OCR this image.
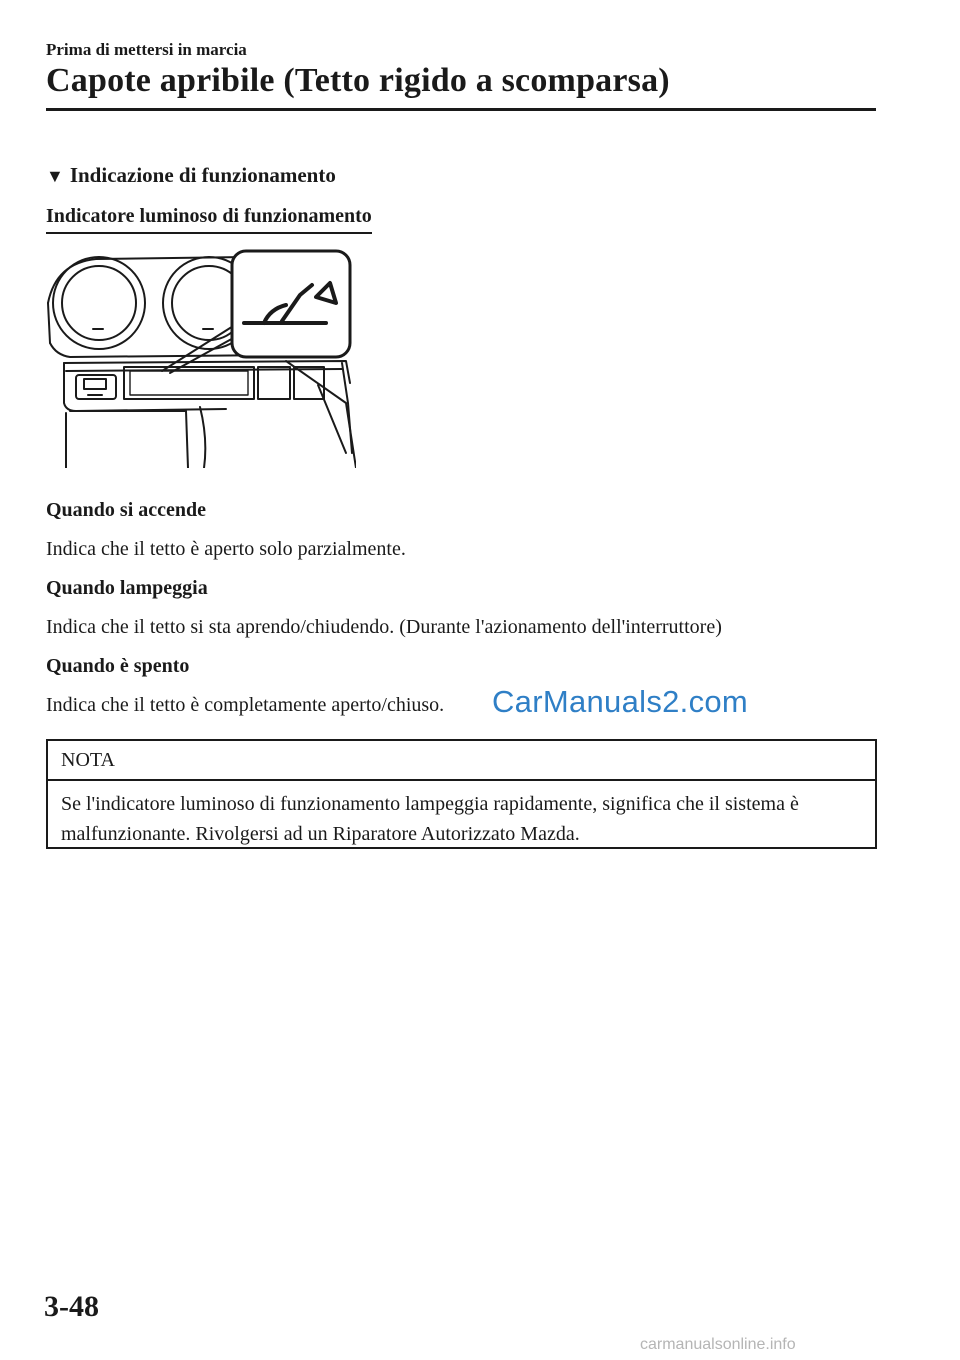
Prima di mettersi in marcia
Capote apribile (Tetto rigido a scomparsa)
▼ Indicazione di funzionamento
Indicatore luminoso di funzionamento
Quando si accende
Indica che il tetto è aperto solo parzialmente.
Quando lampeggia
Indica che il tetto si sta aprendo/chiudendo. (Durante l'azionamento dell'interruttore)
Quando è spento
Indica che il tetto è completamente aperto/chiuso. CarManuals2.com
NOTA
Se l'indicatore luminoso di funzionamento lampeggia rapidamente, significa che il sistema è malfunzionante. Rivolgersi ad un Riparatore Autorizzato Mazda.
3-48
carmanualsonline.info
